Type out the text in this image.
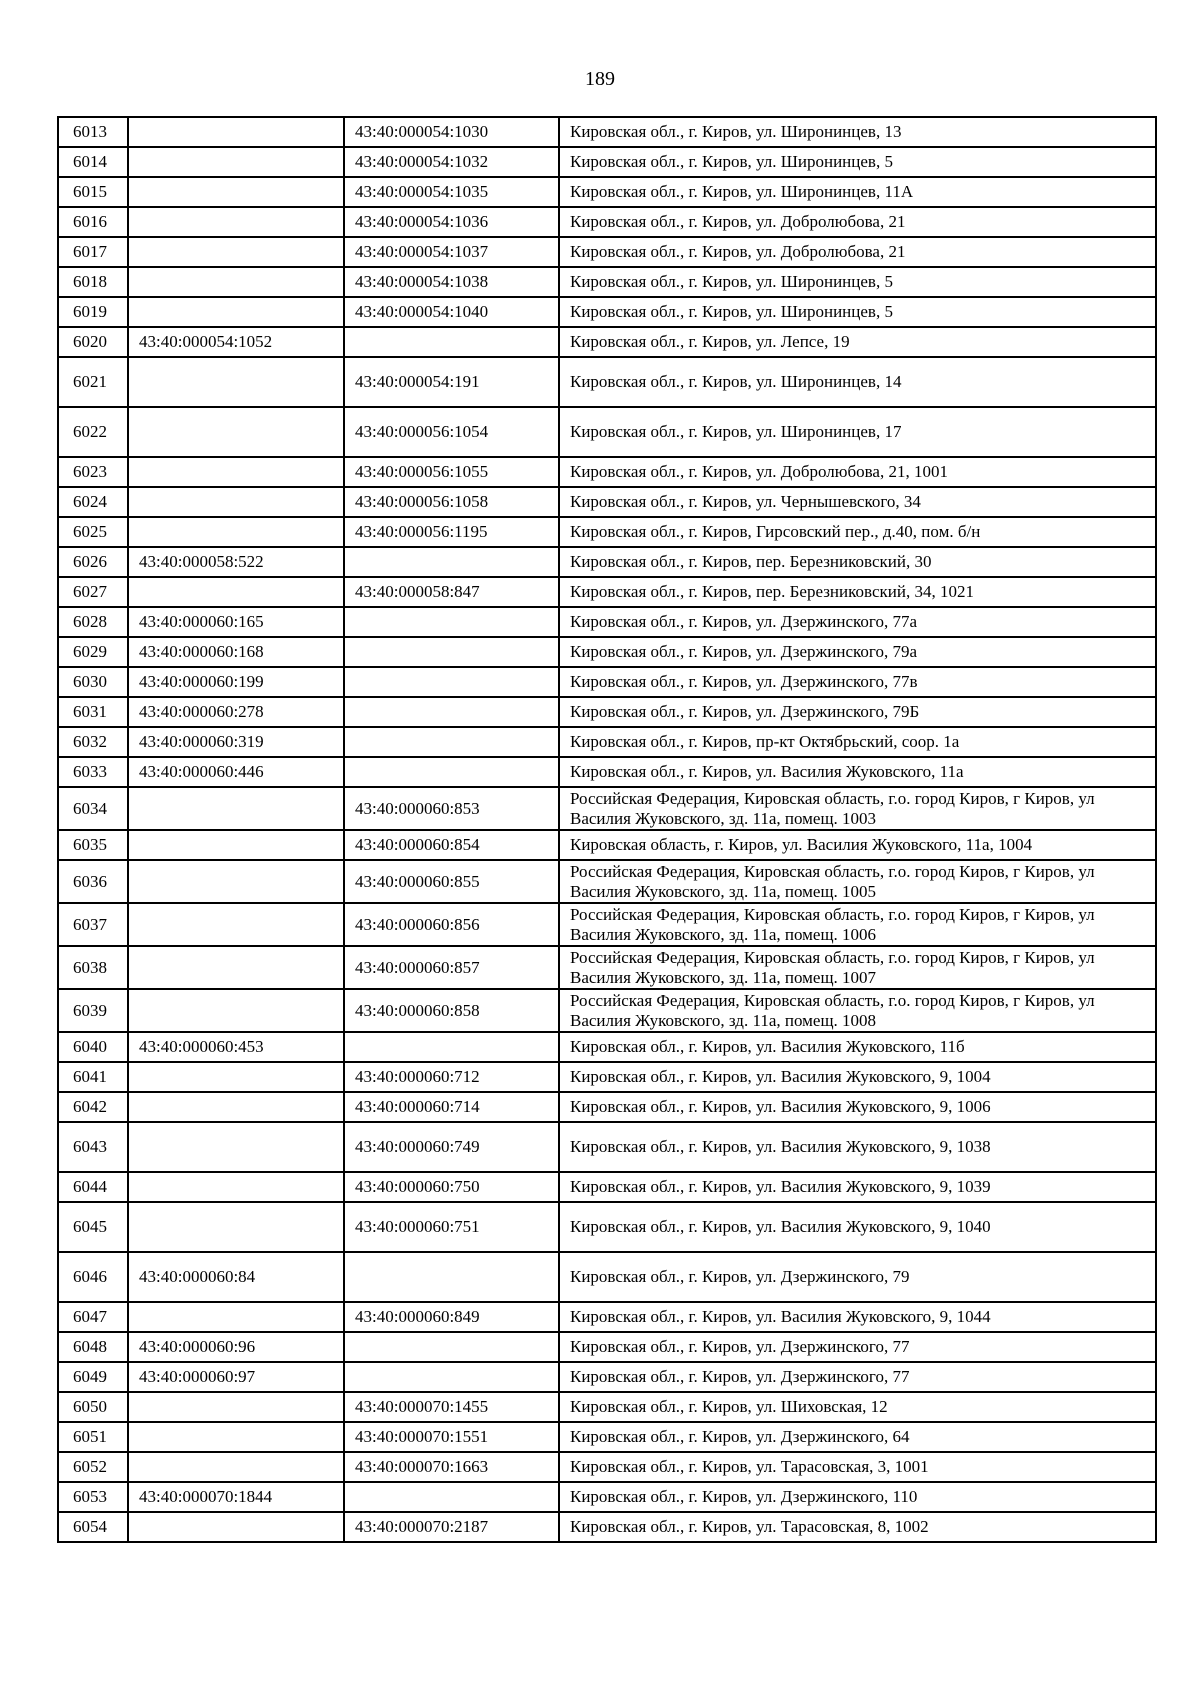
189
6013		43:40:000054:1030	Кировская обл., г. Киров, ул. Широнинцев, 13
6014		43:40:000054:1032	Кировская обл., г. Киров, ул. Широнинцев, 5
6015		43:40:000054:1035	Кировская обл., г. Киров, ул. Широнинцев, 11А
6016		43:40:000054:1036	Кировская обл., г. Киров, ул. Добролюбова, 21
6017		43:40:000054:1037	Кировская обл., г. Киров, ул. Добролюбова, 21
6018		43:40:000054:1038	Кировская обл., г. Киров, ул. Широнинцев, 5
6019		43:40:000054:1040	Кировская обл., г. Киров, ул. Широнинцев, 5
6020	43:40:000054:1052		Кировская обл., г. Киров, ул. Лепсе, 19
6021		43:40:000054:191	Кировская обл., г. Киров, ул. Широнинцев, 14
6022		43:40:000056:1054	Кировская обл., г. Киров, ул. Широнинцев, 17
6023		43:40:000056:1055	Кировская обл., г. Киров, ул. Добролюбова, 21, 1001
6024		43:40:000056:1058	Кировская обл., г. Киров, ул. Чернышевского, 34
6025		43:40:000056:1195	Кировская обл., г. Киров, Гирсовский пер., д.40, пом. б/н
6026	43:40:000058:522		Кировская обл., г. Киров, пер. Березниковский, 30
6027		43:40:000058:847	Кировская обл., г. Киров, пер. Березниковский, 34, 1021
6028	43:40:000060:165		Кировская обл., г. Киров, ул. Дзержинского, 77а
6029	43:40:000060:168		Кировская обл., г. Киров, ул. Дзержинского, 79а
6030	43:40:000060:199		Кировская обл., г. Киров, ул. Дзержинского, 77в
6031	43:40:000060:278		Кировская обл., г. Киров, ул. Дзержинского, 79Б
6032	43:40:000060:319		Кировская обл., г. Киров, пр-кт Октябрьский, соор. 1а
6033	43:40:000060:446		Кировская обл., г. Киров, ул. Василия Жуковского, 11а
6034		43:40:000060:853	Российская Федерация, Кировская область, г.о. город Киров, г Киров, ул Василия Жуковского, зд. 11а, помещ. 1003
6035		43:40:000060:854	Кировская область, г. Киров, ул. Василия Жуковского, 11а, 1004
6036		43:40:000060:855	Российская Федерация, Кировская область, г.о. город Киров, г Киров, ул Василия Жуковского, зд. 11а, помещ. 1005
6037		43:40:000060:856	Российская Федерация, Кировская область, г.о. город Киров, г Киров, ул Василия Жуковского, зд. 11а, помещ. 1006
6038		43:40:000060:857	Российская Федерация, Кировская область, г.о. город Киров, г Киров, ул Василия Жуковского, зд. 11а, помещ. 1007
6039		43:40:000060:858	Российская Федерация, Кировская область, г.о. город Киров, г Киров, ул Василия Жуковского, зд. 11а, помещ. 1008
6040	43:40:000060:453		Кировская обл., г. Киров, ул. Василия Жуковского, 11б
6041		43:40:000060:712	Кировская обл., г. Киров, ул. Василия Жуковского, 9, 1004
6042		43:40:000060:714	Кировская обл., г. Киров, ул. Василия Жуковского, 9, 1006
6043		43:40:000060:749	Кировская обл., г. Киров, ул. Василия Жуковского, 9, 1038
6044		43:40:000060:750	Кировская обл., г. Киров, ул. Василия Жуковского, 9, 1039
6045		43:40:000060:751	Кировская обл., г. Киров, ул. Василия Жуковского, 9, 1040
6046	43:40:000060:84		Кировская обл., г. Киров, ул. Дзержинского, 79
6047		43:40:000060:849	Кировская обл., г. Киров, ул. Василия Жуковского, 9, 1044
6048	43:40:000060:96		Кировская обл., г. Киров, ул. Дзержинского, 77
6049	43:40:000060:97		Кировская обл., г. Киров, ул. Дзержинского, 77
6050		43:40:000070:1455	Кировская обл., г. Киров, ул. Шиховская, 12
6051		43:40:000070:1551	Кировская обл., г. Киров, ул. Дзержинского, 64
6052		43:40:000070:1663	Кировская обл., г. Киров, ул. Тарасовская, 3, 1001
6053	43:40:000070:1844		Кировская обл., г. Киров, ул. Дзержинского, 110
6054		43:40:000070:2187	Кировская обл., г. Киров, ул. Тарасовская, 8, 1002
